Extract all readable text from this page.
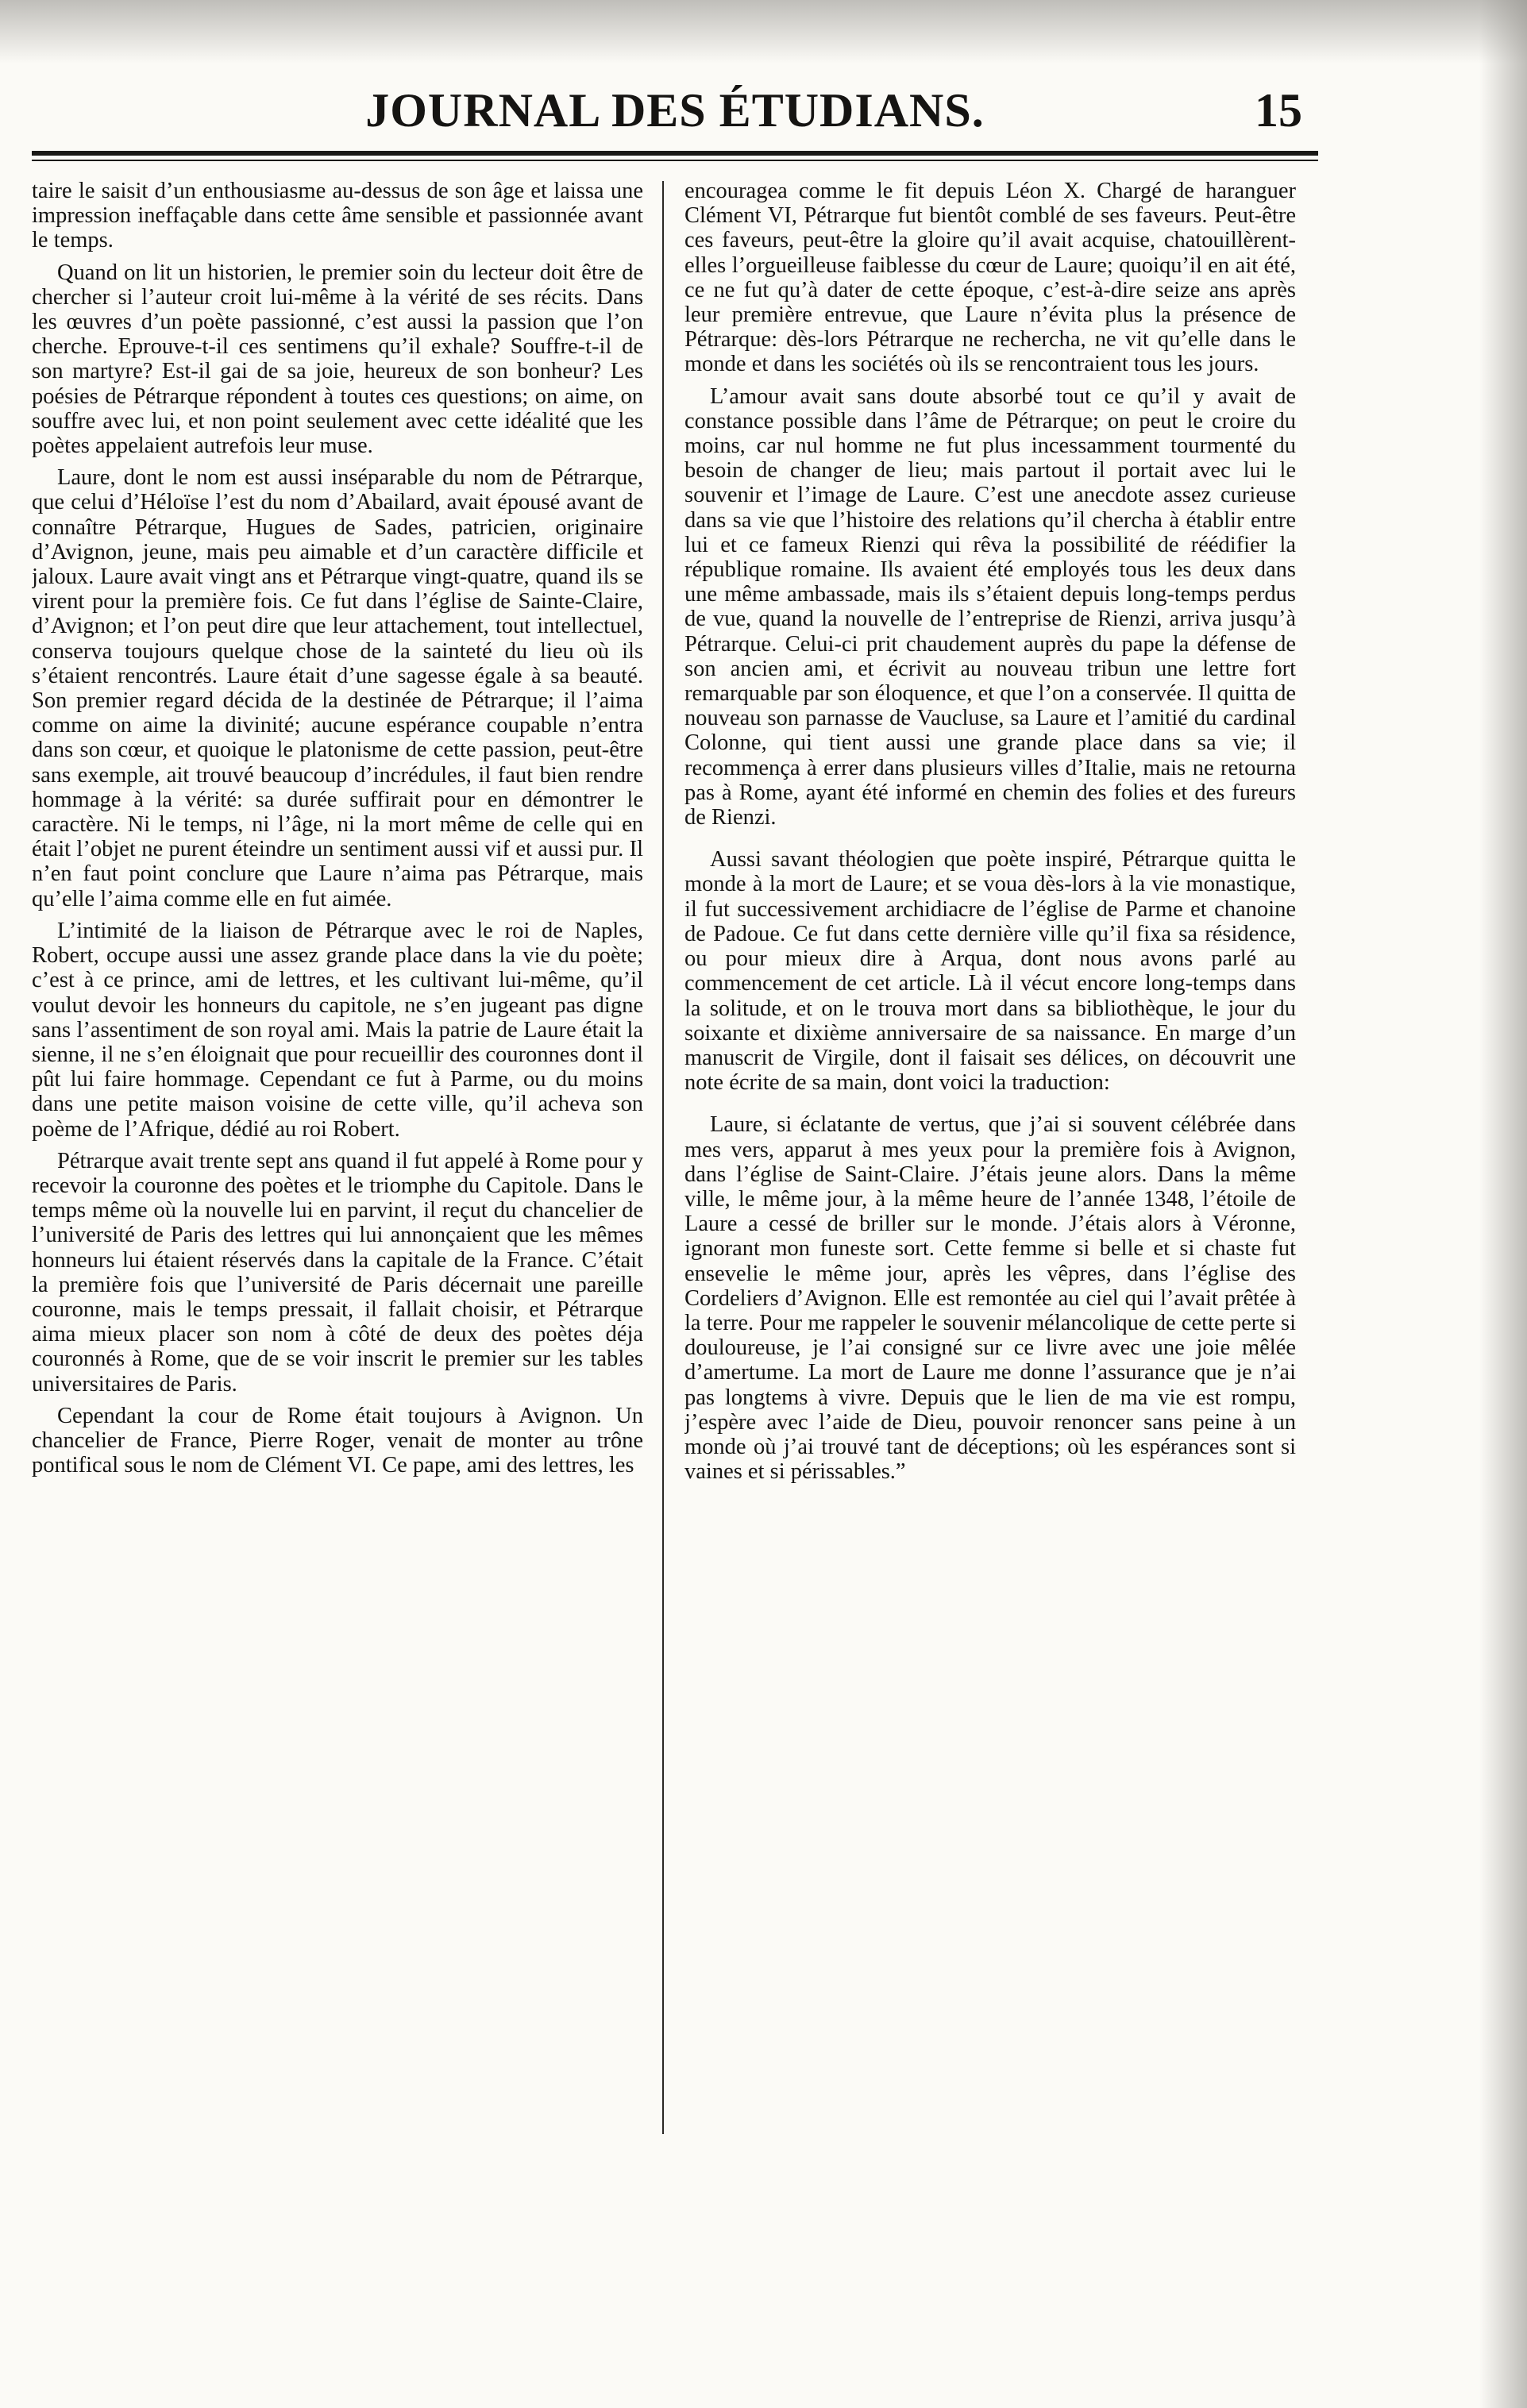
JOURNAL DES ÉTUDIANS.	15

taire le saisit d’un enthousiasme au-dessus de son âge et laissa une impression ineffaçable dans cette âme sensible et passionnée avant le temps.

Quand on lit un historien, le premier soin du lecteur doit être de chercher si l’auteur croit lui-même à la vérité de ses récits. Dans les œuvres d’un poète passionné, c’est aussi la passion que l’on cherche. Eprouve-t-il ces sentimens qu’il exhale? Souffre-t-il de son martyre? Est-il gai de sa joie, heureux de son bonheur? Les poésies de Pétrarque répondent à toutes ces questions; on aime, on souffre avec lui, et non point seulement avec cette idéalité que les poètes appelaient autrefois leur muse.

Laure, dont le nom est aussi inséparable du nom de Pétrarque, que celui d’Héloïse l’est du nom d’Abailard, avait épousé avant de connaître Pétrarque, Hugues de Sades, patricien, originaire d’Avignon, jeune, mais peu aimable et d’un caractère difficile et jaloux. Laure avait vingt ans et Pétrarque vingt-quatre, quand ils se virent pour la première fois. Ce fut dans l’église de Sainte-Claire, d’Avignon; et l’on peut dire que leur attachement, tout intellectuel, conserva toujours quelque chose de la sainteté du lieu où ils s’étaient rencontrés. Laure était d’une sagesse égale à sa beauté. Son premier regard décida de la destinée de Pétrarque; il l’aima comme on aime la divinité; aucune espérance coupable n’entra dans son cœur, et quoique le platonisme de cette passion, peut-être sans exemple, ait trouvé beaucoup d’incrédules, il faut bien rendre hommage à la vérité: sa durée suffirait pour en démontrer le caractère. Ni le temps, ni l’âge, ni la mort même de celle qui en était l’objet ne purent éteindre un sentiment aussi vif et aussi pur. Il n’en faut point conclure que Laure n’aima pas Pétrarque, mais qu’elle l’aima comme elle en fut aimée.

L’intimité de la liaison de Pétrarque avec le roi de Naples, Robert, occupe aussi une assez grande place dans la vie du poète; c’est à ce prince, ami de lettres, et les cultivant lui-même, qu’il voulut devoir les honneurs du capitole, ne s’en jugeant pas digne sans l’assentiment de son royal ami. Mais la patrie de Laure était la sienne, il ne s’en éloignait que pour recueillir des couronnes dont il pût lui faire hommage. Cependant ce fut à Parme, ou du moins dans une petite maison voisine de cette ville, qu’il acheva son poème de l’Afrique, dédié au roi Robert.

Pétrarque avait trente sept ans quand il fut appelé à Rome pour y recevoir la couronne des poètes et le triomphe du Capitole. Dans le temps même où la nouvelle lui en parvint, il reçut du chancelier de l’université de Paris des lettres qui lui annonçaient que les mêmes honneurs lui étaient réservés dans la capitale de la France. C’était la première fois que l’université de Paris décernait une pareille couronne, mais le temps pressait, il fallait choisir, et Pétrarque aima mieux placer son nom à côté de deux des poètes déja couronnés à Rome, que de se voir inscrit le premier sur les tables universitaires de Paris.

Cependant la cour de Rome était toujours à Avignon. Un chancelier de France, Pierre Roger, venait de monter au trône pontifical sous le nom de Clément VI. Ce pape, ami des lettres, les

encouragea comme le fit depuis Léon X. Chargé de haranguer Clément VI, Pétrarque fut bientôt comblé de ses faveurs. Peut-être ces faveurs, peut-être la gloire qu’il avait acquise, chatouillèrent-elles l’orgueilleuse faiblesse du cœur de Laure; quoiqu’il en ait été, ce ne fut qu’à dater de cette époque, c’est-à-dire seize ans après leur première entrevue, que Laure n’évita plus la présence de Pétrarque: dès-lors Pétrarque ne rechercha, ne vit qu’elle dans le monde et dans les sociétés où ils se rencontraient tous les jours.

L’amour avait sans doute absorbé tout ce qu’il y avait de constance possible dans l’âme de Pétrarque; on peut le croire du moins, car nul homme ne fut plus incessamment tourmenté du besoin de changer de lieu; mais partout il portait avec lui le souvenir et l’image de Laure. C’est une anecdote assez curieuse dans sa vie que l’histoire des relations qu’il chercha à établir entre lui et ce fameux Rienzi qui rêva la possibilité de réédifier la république romaine. Ils avaient été employés tous les deux dans une même ambassade, mais ils s’étaient depuis long-temps perdus de vue, quand la nouvelle de l’entreprise de Rienzi, arriva jusqu’à Pétrarque. Celui-ci prit chaudement auprès du pape la défense de son ancien ami, et écrivit au nouveau tribun une lettre fort remarquable par son éloquence, et que l’on a conservée. Il quitta de nouveau son parnasse de Vaucluse, sa Laure et l’amitié du cardinal Colonne, qui tient aussi une grande place dans sa vie; il recommença à errer dans plusieurs villes d’Italie, mais ne retourna pas à Rome, ayant été informé en chemin des folies et des fureurs de Rienzi.

Aussi savant théologien que poète inspiré, Pétrarque quitta le monde à la mort de Laure; et se voua dès-lors à la vie monastique, il fut successivement archidiacre de l’église de Parme et chanoine de Padoue. Ce fut dans cette dernière ville qu’il fixa sa résidence, ou pour mieux dire à Arqua, dont nous avons parlé au commencement de cet article. Là il vécut encore long-temps dans la solitude, et on le trouva mort dans sa bibliothèque, le jour du soixante et dixième anniversaire de sa naissance. En marge d’un manuscrit de Virgile, dont il faisait ses délices, on découvrit une note écrite de sa main, dont voici la traduction:

Laure, si éclatante de vertus, que j’ai si souvent célébrée dans mes vers, apparut à mes yeux pour la première fois à Avignon, dans l’église de Saint-Claire. J’étais jeune alors. Dans la même ville, le même jour, à la même heure de l’année 1348, l’étoile de Laure a cessé de briller sur le monde. J’étais alors à Véronne, ignorant mon funeste sort. Cette femme si belle et si chaste fut ensevelie le même jour, après les vêpres, dans l’église des Cordeliers d’Avignon. Elle est remontée au ciel qui l’avait prêtée à la terre. Pour me rappeler le souvenir mélancolique de cette perte si douloureuse, je l’ai consigné sur ce livre avec une joie mêlée d’amertume. La mort de Laure me donne l’assurance que je n’ai pas longtems à vivre. Depuis que le lien de ma vie est rompu, j’espère avec l’aide de Dieu, pouvoir renoncer sans peine à un monde où j’ai trouvé tant de déceptions; où les espérances sont si vaines et si périssables.”
